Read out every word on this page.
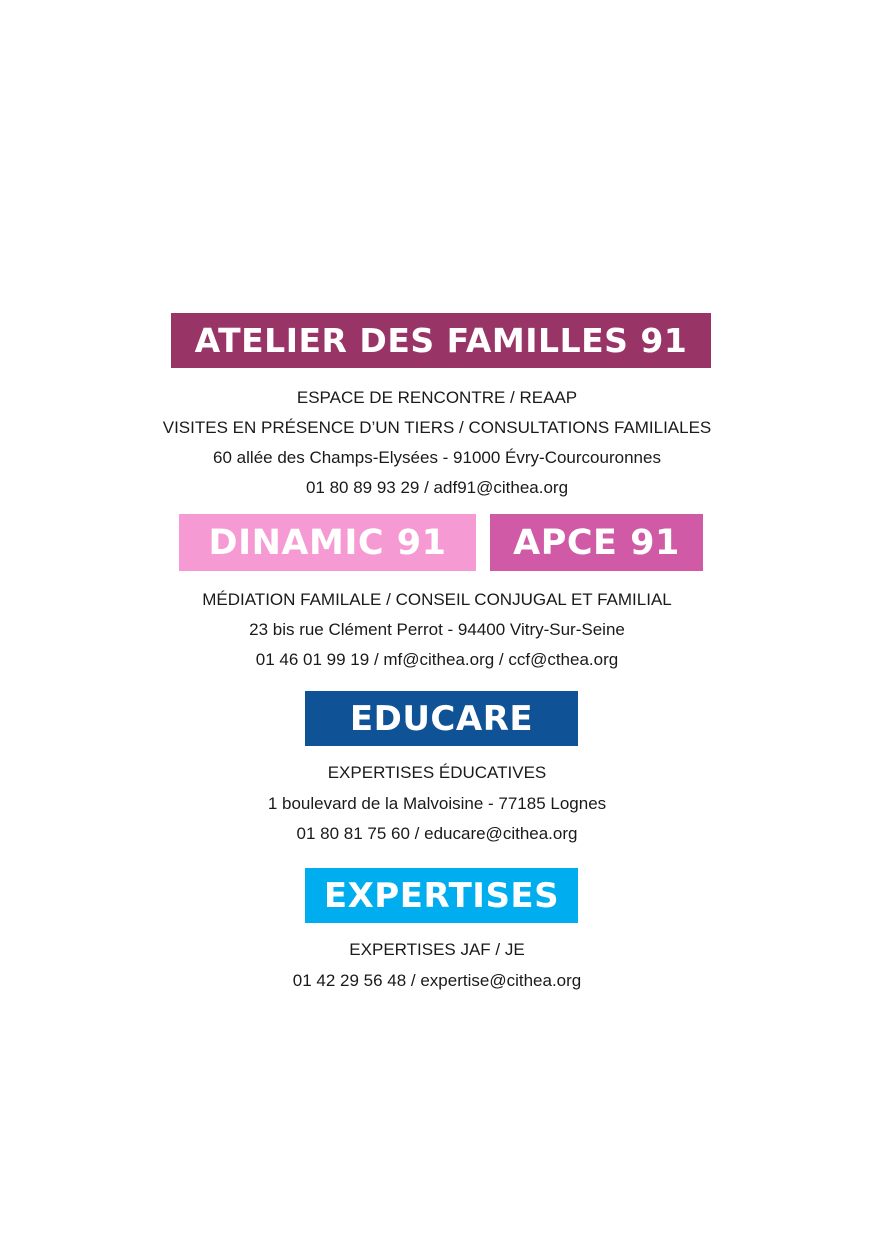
ATELIER DES FAMILLES 91
ESPACE DE RENCONTRE / REAAP
VISITES EN PRÉSENCE D’UN TIERS / CONSULTATIONS FAMILIALES
60 allée des Champs-Elysées - 91000 Évry-Courcouronnes
01 80 89 93 29 / adf91@cithea.org
DINAMIC 91 APCE 91
MÉDIATION FAMILALE / CONSEIL CONJUGAL ET FAMILIAL
23 bis rue Clément Perrot - 94400 Vitry-Sur-Seine
01 46 01 99 19 / mf@cithea.org / ccf@cthea.org
EDUCARE
EXPERTISES ÉDUCATIVES
1 boulevard de la Malvoisine - 77185 Lognes
01 80 81 75 60 / educare@cithea.org
EXPERTISES
EXPERTISES JAF / JE
01 42 29 56 48 / expertise@cithea.org
